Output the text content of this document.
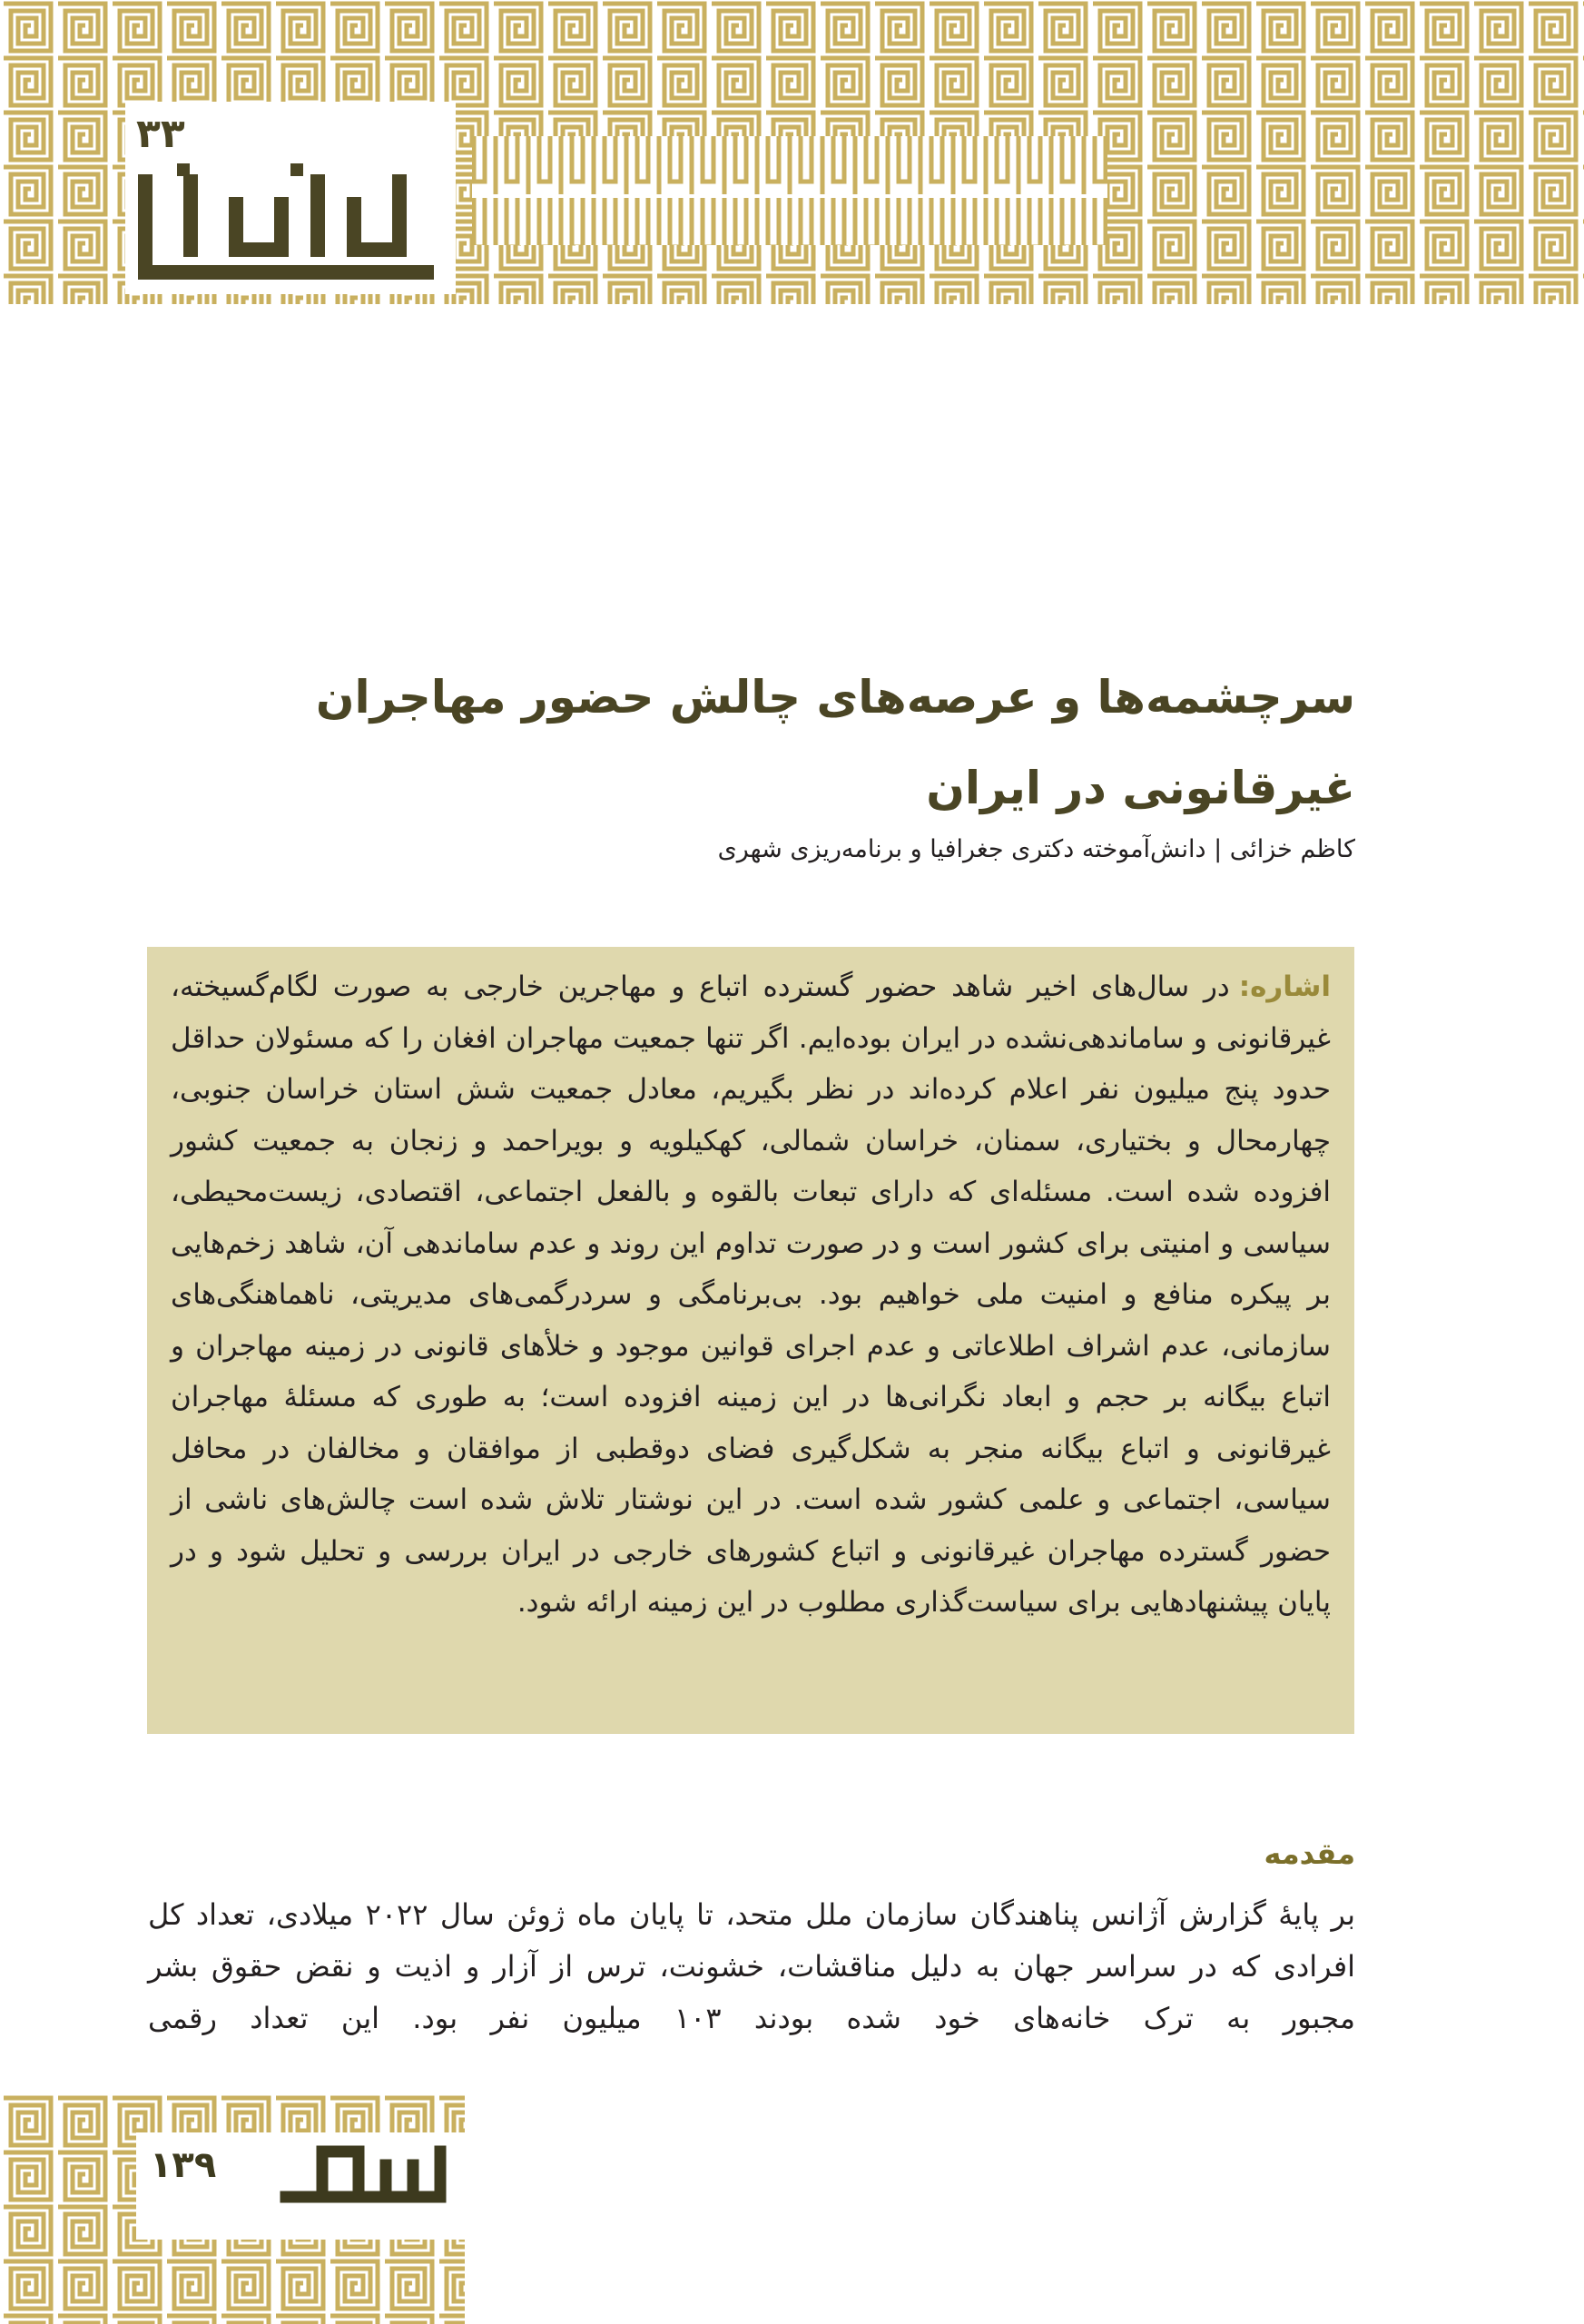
۳۳
سرچشمه‌ها و عرصه‌های چالش حضور مهاجران غیرقانونی در ایران
کاظم خزائی | دانش‌آموخته دکتری جغرافیا و برنامه‌ریزی شهری

اشاره:در سال‌های اخیر شاهد حضور گسترده اتباع و مهاجرین خارجی به صورت لگام‌گسیخته، غیرقانونی و ساماندهی‌نشده در ایران بوده‌ایم. اگر تنها جمعیت مهاجران افغان را که مسئولان حداقل حدود پنج میلیون نفر اعلام کرده‌اند در نظر بگیریم، معادل جمعیت شش استان خراسان جنوبی، چهارمحال و بختیاری، سمنان، خراسان شمالی، کهکیلویه و بویراحمد و زنجان به جمعیت کشور افزوده شده است. مسئله‌ای که دارای تبعات بالقوه و بالفعل اجتماعی، اقتصادی، زیست‌محیطی، سیاسی و امنیتی برای کشور است و در صورت تداوم این روند و عدم ساماندهی آن، شاهد زخم‌هایی بر پیکره منافع و امنیت ملی خواهیم بود. بی‌برنامگی و سردرگمی‌های مدیریتی، ناهماهنگی‌های سازمانی، عدم اشراف اطلاعاتی و عدم اجرای قوانین موجود و خلأهای قانونی در زمینه مهاجران و اتباع بیگانه بر حجم و ابعاد نگرانی‌ها در این زمینه افزوده است؛ به طوری که مسئلهٔ مهاجران غیرقانونی و اتباع بیگانه منجر به شکل‌گیری فضای دوقطبی از موافقان و مخالفان در محافل سیاسی، اجتماعی و علمی کشور شده است. در این نوشتار تلاش شده است چالش‌های ناشی از حضور گسترده مهاجران غیرقانونی و اتباع کشورهای خارجی در ایران بررسی و تحلیل شود و در پایان پیشنهادهایی برای سیاست‌گذاری مطلوب در این زمینه ارائه شود.

مقدمه

بر پایهٔ گزارش آژانس پناهندگان سازمان ملل متحد، تا پایان ماه ژوئن سال ۲۰۲۲ میلادی، تعداد کل افرادی که در سراسر جهان به دلیل مناقشات، خشونت، ترس از آزار و اذیت و نقض حقوق بشر مجبور به ترک خانه‌های خود شده بودند ۱۰۳ میلیون نفر بود. این تعداد رقمی

۱۳۹
